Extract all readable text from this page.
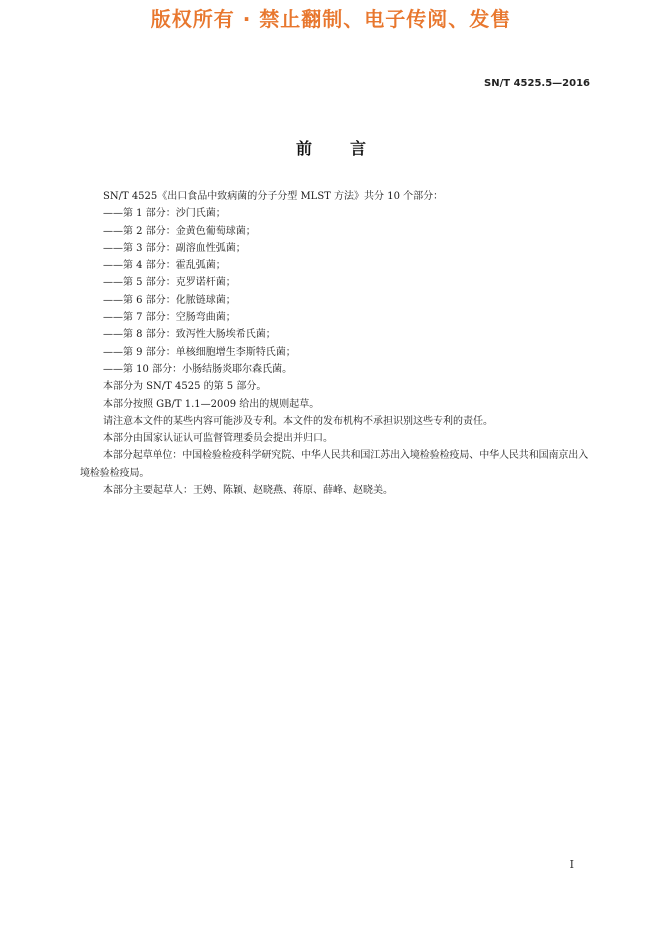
版权所有 · 禁止翻制、电子传阅、发售
SN/T 4525.5—2016
前言

SN/T 4525《出口食品中致病菌的分子分型 MLST 方法》共分 10 个部分：

——第 1 部分：沙门氏菌；

——第 2 部分：金黄色葡萄球菌；

——第 3 部分：副溶血性弧菌；

——第 4 部分：霍乱弧菌；

——第 5 部分：克罗诺杆菌；

——第 6 部分：化脓链球菌；

——第 7 部分：空肠弯曲菌；

——第 8 部分：致泻性大肠埃希氏菌；

——第 9 部分：单核细胞增生李斯特氏菌；

——第 10 部分：小肠结肠炎耶尔森氏菌。

本部分为 SN/T 4525 的第 5 部分。

本部分按照 GB/T 1.1—2009 给出的规则起草。

请注意本文件的某些内容可能涉及专利。本文件的发布机构不承担识别这些专利的责任。

本部分由国家认证认可监督管理委员会提出并归口。

本部分起草单位：中国检验检疫科学研究院、中华人民共和国江苏出入境检验检疫局、中华人民共和国南京出入境检验检疫局。

本部分主要起草人：王娉、陈颖、赵晓燕、蒋原、薛峰、赵晓美。

I
